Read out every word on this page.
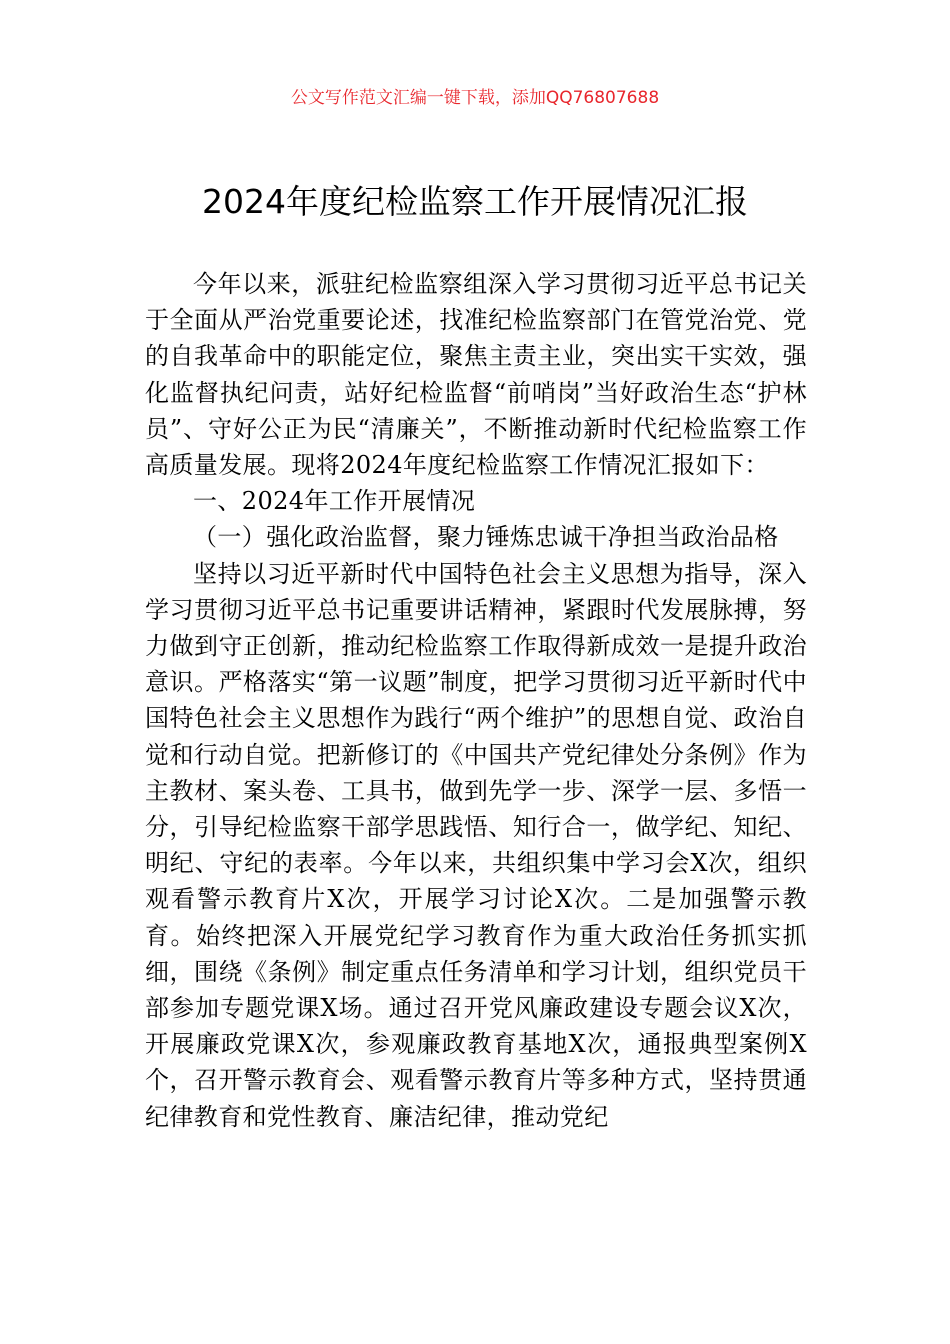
公文写作范文汇编一键下载，添加QQ76807688
2024年度纪检监察工作开展情况汇报

今年以来，派驻纪检监察组深入学习贯彻习近平总书记关于全面从严治党重要论述，找准纪检监察部门在管党治党、党的自我革命中的职能定位，聚焦主责主业，突出实干实效，强化监督执纪问责，站好纪检监督“前哨岗”当好政治生态“护林员”、守好公正为民“清廉关”，不断推动新时代纪检监察工作高质量发展。现将2024年度纪检监察工作情况汇报如下：

一、2024年工作开展情况

（一）强化政治监督，聚力锤炼忠诚干净担当政治品格

坚持以习近平新时代中国特色社会主义思想为指导，深入学习贯彻习近平总书记重要讲话精神，紧跟时代发展脉搏，努力做到守正创新，推动纪检监察工作取得新成效一是提升政治意识。严格落实“第一议题”制度，把学习贯彻习近平新时代中国特色社会主义思想作为践行“两个维护”的思想自觉、政治自觉和行动自觉。把新修订的《中国共产党纪律处分条例》作为主教材、案头卷、工具书，做到先学一步、深学一层、多悟一分，引导纪检监察干部学思践悟、知行合一，做学纪、知纪、明纪、守纪的表率。今年以来，共组织集中学习会X次，组织观看警示教育片X次，开展学习讨论X次。二是加强警示教育。始终把深入开展党纪学习教育作为重大政治任务抓实抓细，围绕《条例》制定重点任务清单和学习计划，组织党员干部参加专题党课X场。通过召开党风廉政建设专题会议X次，开展廉政党课X次，参观廉政教育基地X次，通报典型案例X个，召开警示教育会、观看警示教育片等多种方式，坚持贯通纪律教育和党性教育、廉洁纪律，推动党纪
